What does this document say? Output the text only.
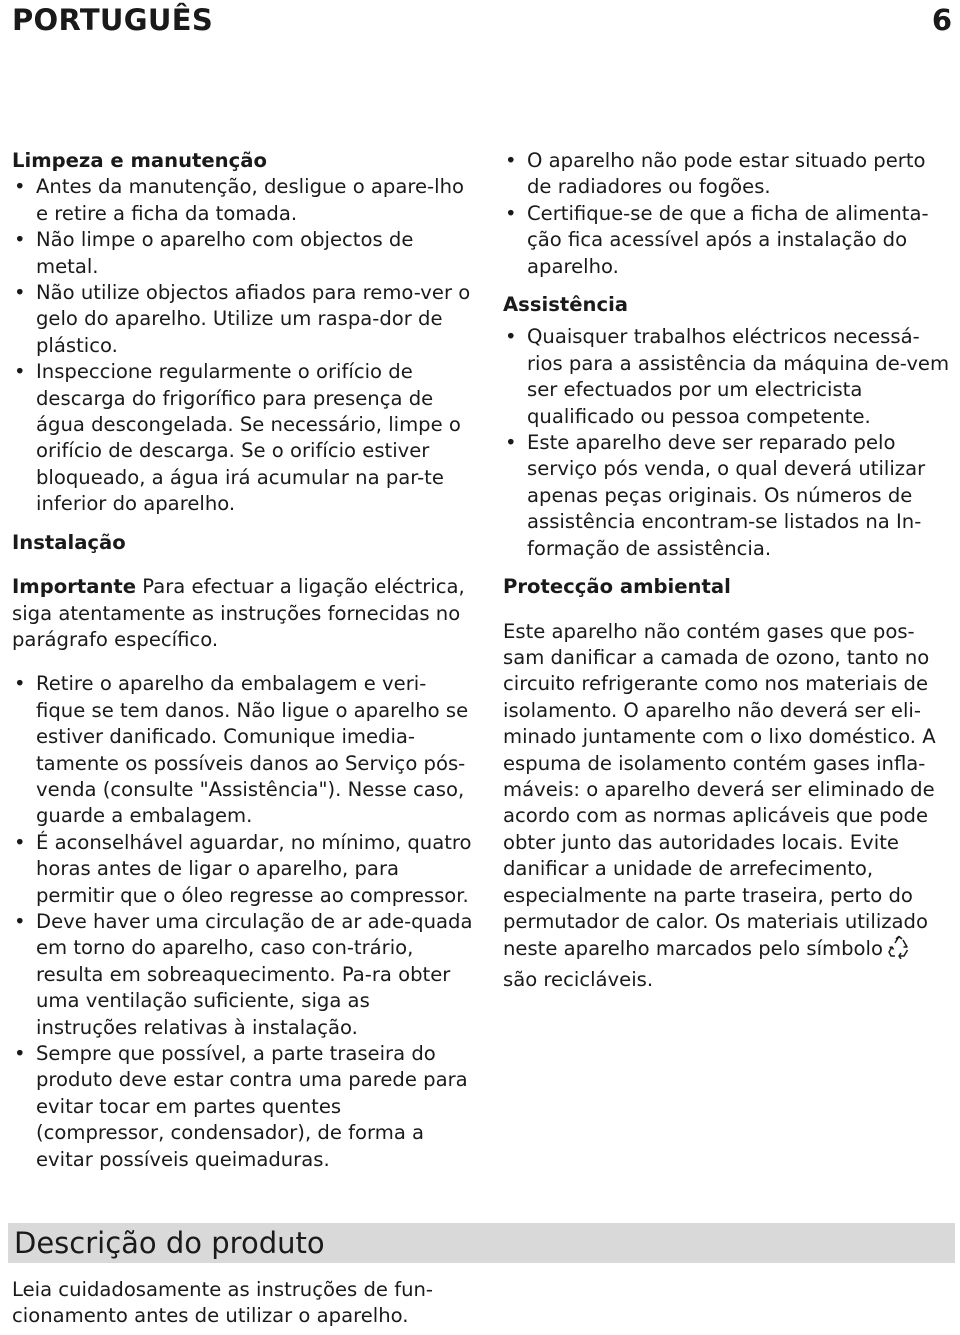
PORTUGUÊS	6
Limpeza e manutenção
• Antes da manutenção, desligue o apare-lho e retire a ficha da tomada.
• Não limpe o aparelho com objectos de metal.
• Não utilize objectos afiados para remo-ver o gelo do aparelho. Utilize um raspa-dor de plástico.
• Inspeccione regularmente o orifício de descarga do frigorífico para presença de água descongelada. Se necessário, limpe o orifício de descarga. Se o orifício estiver bloqueado, a água irá acumular na par-te inferior do aparelho.
Instalação

Importante Para efectuar a ligação eléctrica, siga atentamente as instruções fornecidas no parágrafo específico.

• Retire o aparelho da embalagem e veri-fique se tem danos. Não ligue o aparelho se estiver danificado. Comunique imedia-tamente os possíveis danos ao Serviço pós-venda (consulte "Assistência"). Nesse caso, guarde a embalagem.
• É aconselhável aguardar, no mínimo, quatro horas antes de ligar o aparelho, para permitir que o óleo regresse ao compressor.
• Deve haver uma circulação de ar ade-quada em torno do aparelho, caso con-trário, resulta em sobreaquecimento. Pa-ra obter uma ventilação suficiente, siga as instruções relativas à instalação.
• Sempre que possível, a parte traseira do produto deve estar contra uma parede para evitar tocar em partes quentes (compressor, condensador), de forma a evitar possíveis queimaduras.
• O aparelho não pode estar situado perto de radiadores ou fogões.
• Certifique-se de que a ficha de alimenta-ção fica acessível após a instalação do aparelho.
Assistência
• Quaisquer trabalhos eléctricos necessá-rios para a assistência da máquina de-vem ser efectuados por um electricista qualificado ou pessoa competente.
• Este aparelho deve ser reparado pelo serviço pós venda, o qual deverá utilizar apenas peças originais. Os números de assistência encontram-se listados na In-formação de assistência.
Protecção ambiental

Este aparelho não contém gases que pos-sam danificar a camada de ozono, tanto no circuito refrigerante como nos materiais de isolamento. O aparelho não deverá ser eli-minado juntamente com o lixo doméstico. A espuma de isolamento contém gases infla-máveis: o aparelho deverá ser eliminado de acordo com as normas aplicáveis que pode obter junto das autoridades locais. Evite danificar a unidade de arrefecimento, especialmente na parte traseira, perto do permutador de calor. Os materiais utilizado neste aparelho marcados pelo símbolo
são recicláveis.

Descrição do produto

Leia cuidadosamente as instruções de fun-cionamento antes de utilizar o aparelho.
